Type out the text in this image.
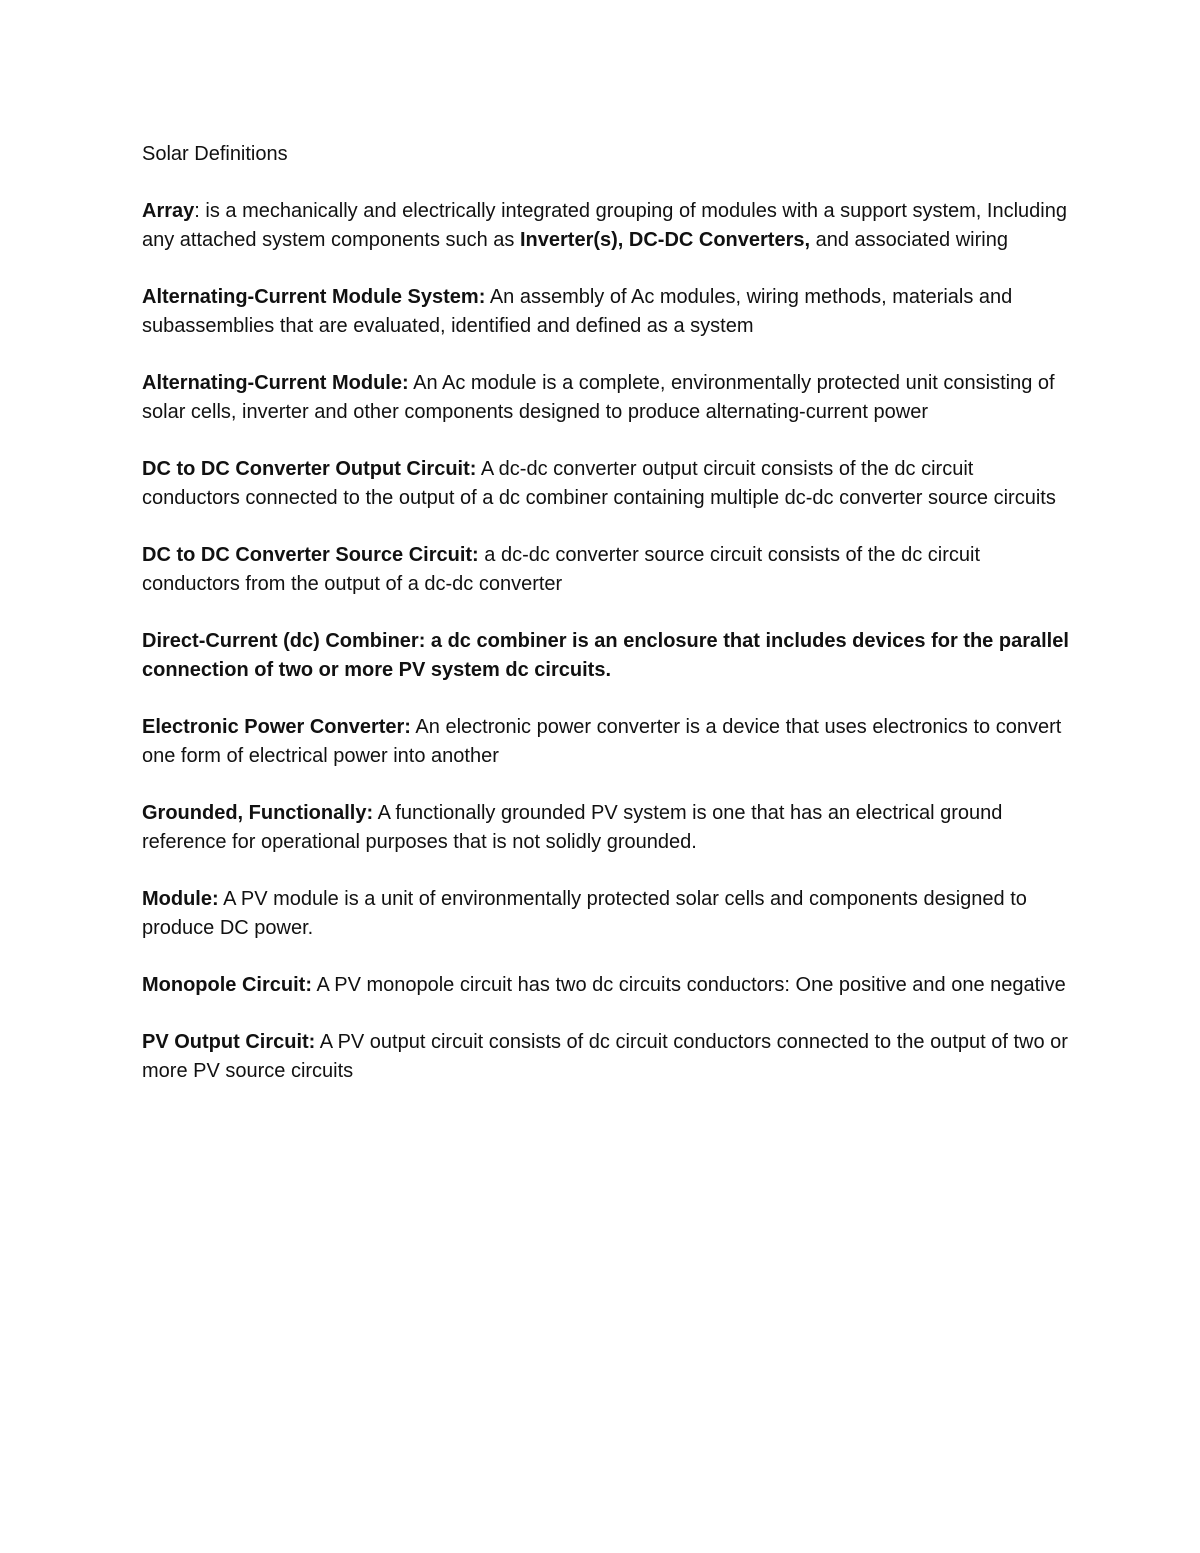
Solar Definitions

Array: is a mechanically and electrically integrated grouping of modules with a support system, Including any attached system components such as Inverter(s), DC-DC Converters, and associated wiring

Alternating-Current Module System: An assembly of Ac modules, wiring methods, materials and subassemblies that are evaluated, identified and defined as a system

Alternating-Current Module: An Ac module is a complete, environmentally protected unit consisting of solar cells, inverter and other components designed to produce alternating-current power

DC to DC Converter Output Circuit: A dc-dc converter output circuit consists of the dc circuit conductors connected to the output of a dc combiner containing multiple dc-dc converter source circuits

DC to DC Converter Source Circuit: a dc-dc converter source circuit consists of the dc circuit conductors from the output of a dc-dc converter

Direct-Current (dc) Combiner: a dc combiner is an enclosure that includes devices for the parallel connection of two or more PV system dc circuits.

Electronic Power Converter: An electronic power converter is a device that uses electronics to convert one form of electrical power into another

Grounded, Functionally: A functionally grounded PV system is one that has an electrical ground reference for operational purposes that is not solidly grounded.

Module: A PV module is a unit of environmentally protected solar cells and components designed to produce DC power.

Monopole Circuit: A PV monopole circuit has two dc circuits conductors: One positive and one negative

PV Output Circuit: A PV output circuit consists of dc circuit conductors connected to the output of two or more PV source circuits
